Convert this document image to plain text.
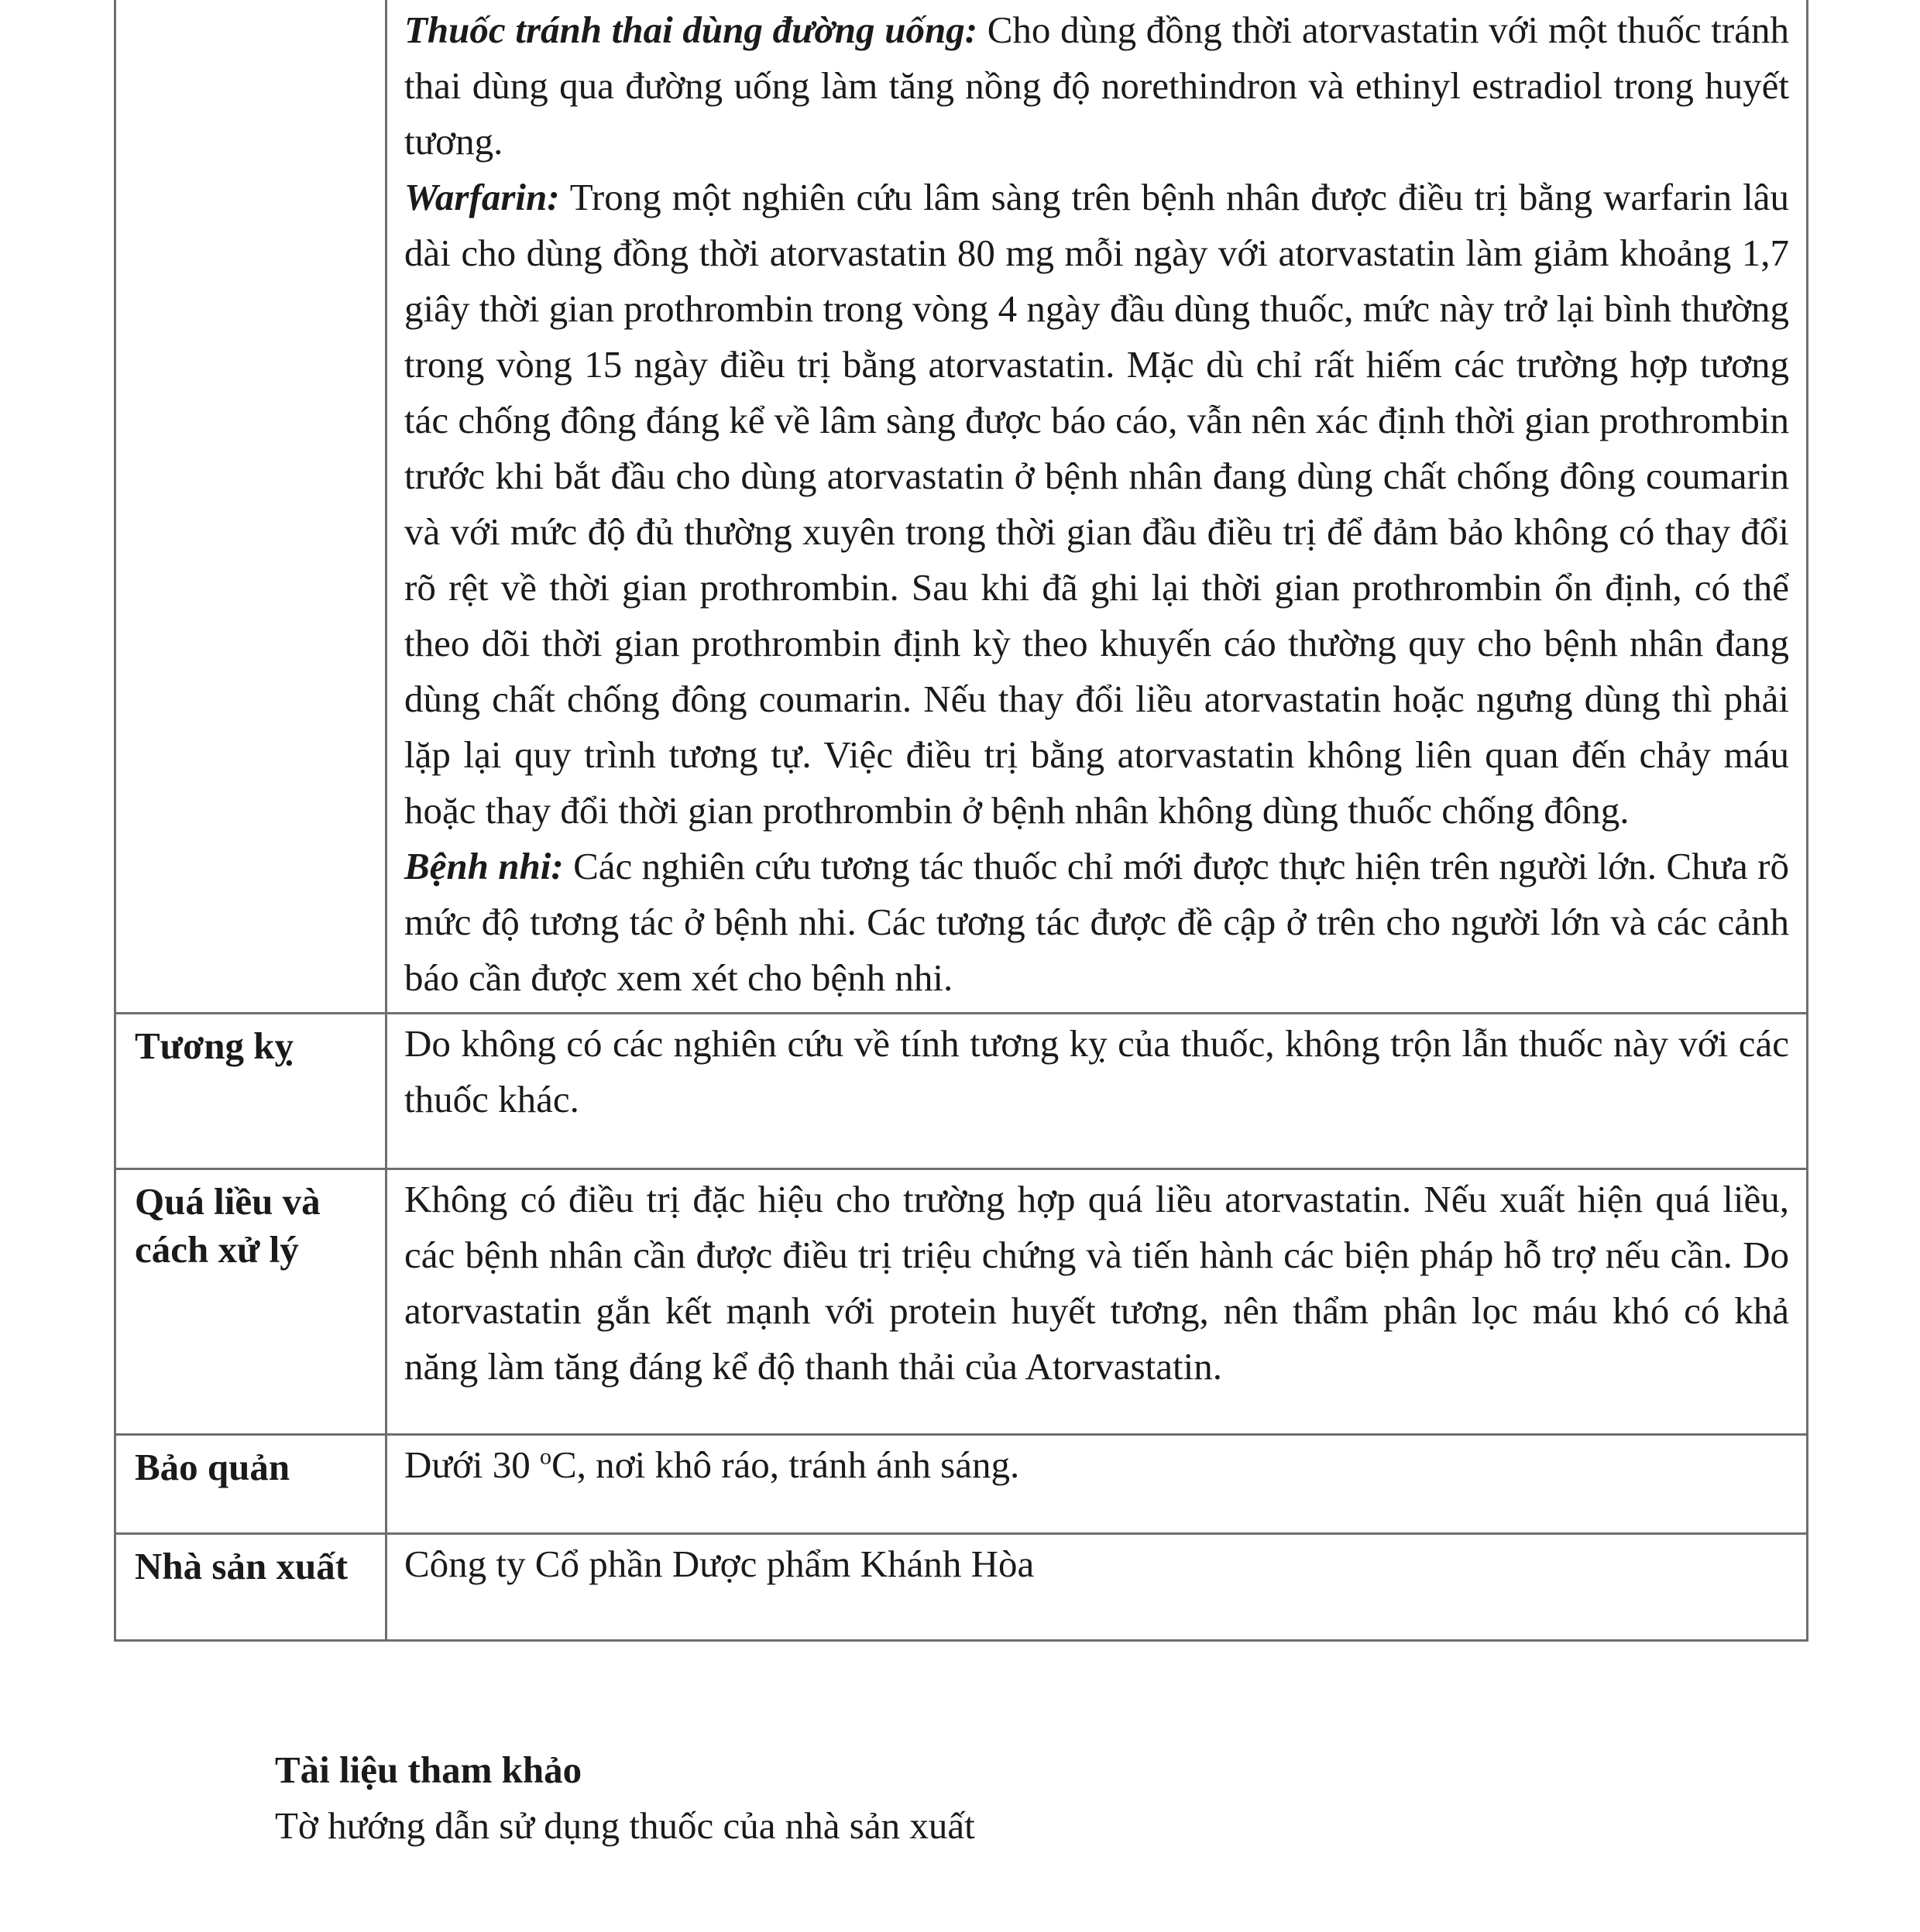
	Thuốc tránh thai dùng đường uống: Cho dùng đồng thời atorvastatin với một thuốc tránh thai dùng qua đường uống làm tăng nồng độ norethindron và ethinyl estradiol trong huyết tương.

Warfarin: Trong một nghiên cứu lâm sàng trên bệnh nhân được điều trị bằng warfarin lâu dài cho dùng đồng thời atorvastatin 80 mg mỗi ngày với atorvastatin làm giảm khoảng 1,7 giây thời gian prothrombin trong vòng 4 ngày đầu dùng thuốc, mức này trở lại bình thường trong vòng 15 ngày điều trị bằng atorvastatin. Mặc dù chỉ rất hiếm các trường hợp tương tác chống đông đáng kể về lâm sàng được báo cáo, vẫn nên xác định thời gian prothrombin trước khi bắt đầu cho dùng atorvastatin ở bệnh nhân đang dùng chất chống đông coumarin và với mức độ đủ thường xuyên trong thời gian đầu điều trị để đảm bảo không có thay đổi rõ rệt về thời gian prothrombin. Sau khi đã ghi lại thời gian prothrombin ổn định, có thể theo dõi thời gian prothrombin định kỳ theo khuyến cáo thường quy cho bệnh nhân đang dùng chất chống đông coumarin. Nếu thay đổi liều atorvastatin hoặc ngưng dùng thì phải lặp lại quy trình tương tự. Việc điều trị bằng atorvastatin không liên quan đến chảy máu hoặc thay đổi thời gian prothrombin ở bệnh nhân không dùng thuốc chống đông.

Bệnh nhi: Các nghiên cứu tương tác thuốc chỉ mới được thực hiện trên người lớn. Chưa rõ mức độ tương tác ở bệnh nhi. Các tương tác được đề cập ở trên cho người lớn và các cảnh báo cần được xem xét cho bệnh nhi.

Tương kỵ	Do không có các nghiên cứu về tính tương kỵ của thuốc, không trộn lẫn thuốc này với các thuốc khác.
Quá liều và cách xử lý	Không có điều trị đặc hiệu cho trường hợp quá liều atorvastatin. Nếu xuất hiện quá liều, các bệnh nhân cần được điều trị triệu chứng và tiến hành các biện pháp hỗ trợ nếu cần. Do atorvastatin gắn kết mạnh với protein huyết tương, nên thẩm phân lọc máu khó có khả năng làm tăng đáng kể độ thanh thải của Atorvastatin.
Bảo quản	Dưới 30 $^o$C, nơi khô ráo, tránh ánh sáng.
Nhà sản xuất	Công ty Cổ phần Dược phẩm Khánh Hòa

Tài liệu tham khảo

Tờ hướng dẫn sử dụng thuốc của nhà sản xuất
